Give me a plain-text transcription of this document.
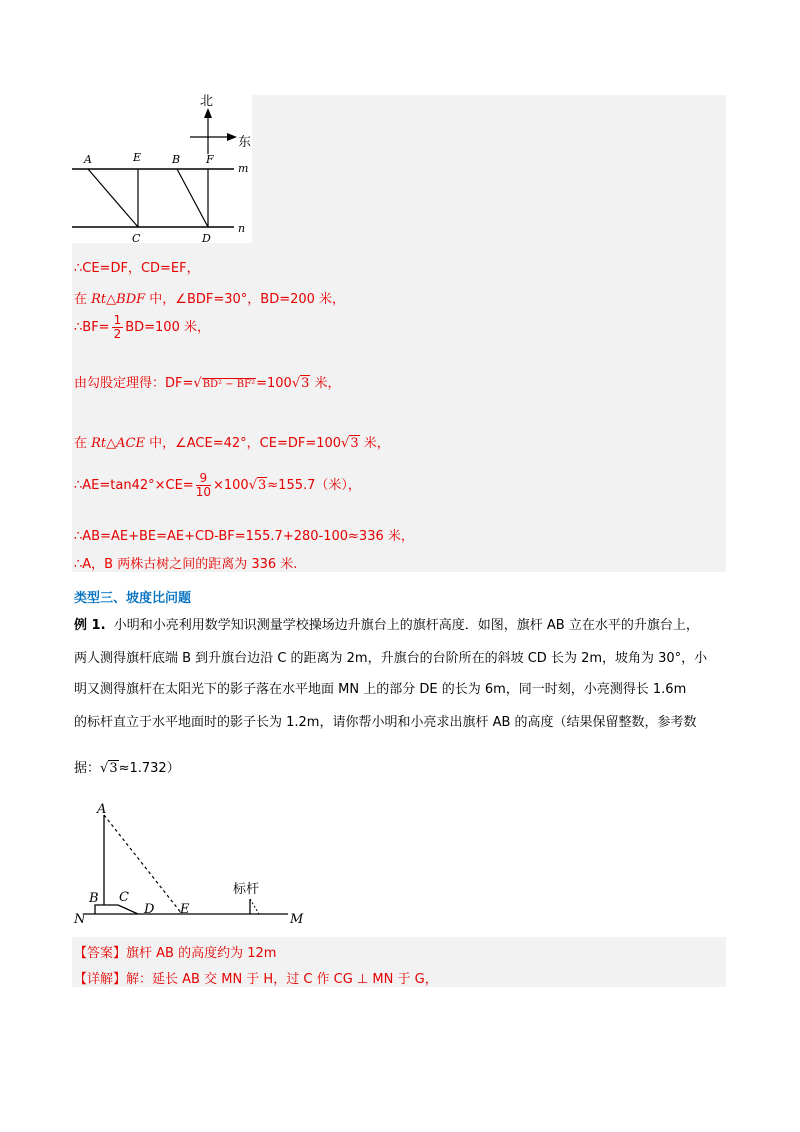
北
东
A	E	B F
m
C	D
n
∴CE=DF，CD=EF，
在 Rt△BDF 中，∠BDF=30°，BD=200 米，
∴BF= $\frac{1}{2} BD=100$ 米，
由勾股定理得：DF=√BD² − BF²=100√3 米，
在 Rt△ACE 中，∠ACE=42°，CE=DF=100√3 米，
∴AE=tan42°×CE= $\frac{9}{10} \times 100√3\approx 155.7$（米），
∴AB=AE+BE=AE+CD-BF=155.7+280-100≈336 米，
∴A，B 两株古树之间的距离为 336 米.
类型三、坡度比问题
例 1. 小明和小亮利用数学知识测量学校操场边升旗台上的旗杆高度．如图，旗杆 AB 立在水平的升旗台上，
两人测得旗杆底端 B 到升旗台边沿 C 的距离为 2m，升旗台的台阶所在的斜坡 CD 长为 2m，坡角为 30°，小
明又测得旗杆在太阳光下的影子落在水平地面 MN 上的部分 DE 的长为 6m，同一时刻，小亮测得长 1.6m
的标杆直立于水平地面时的影子长为 1.2m，请你帮小明和小亮求出旗杆 AB 的高度（结果保留整数，参考数
据：√3≈1.732）
A
B C
D E
N	M
标杆
【答案】旗杆 AB 的高度约为 12m
【详解】解：延长 AB 交 MN 于 H，过 C 作 CG ⊥ MN 于 G，
